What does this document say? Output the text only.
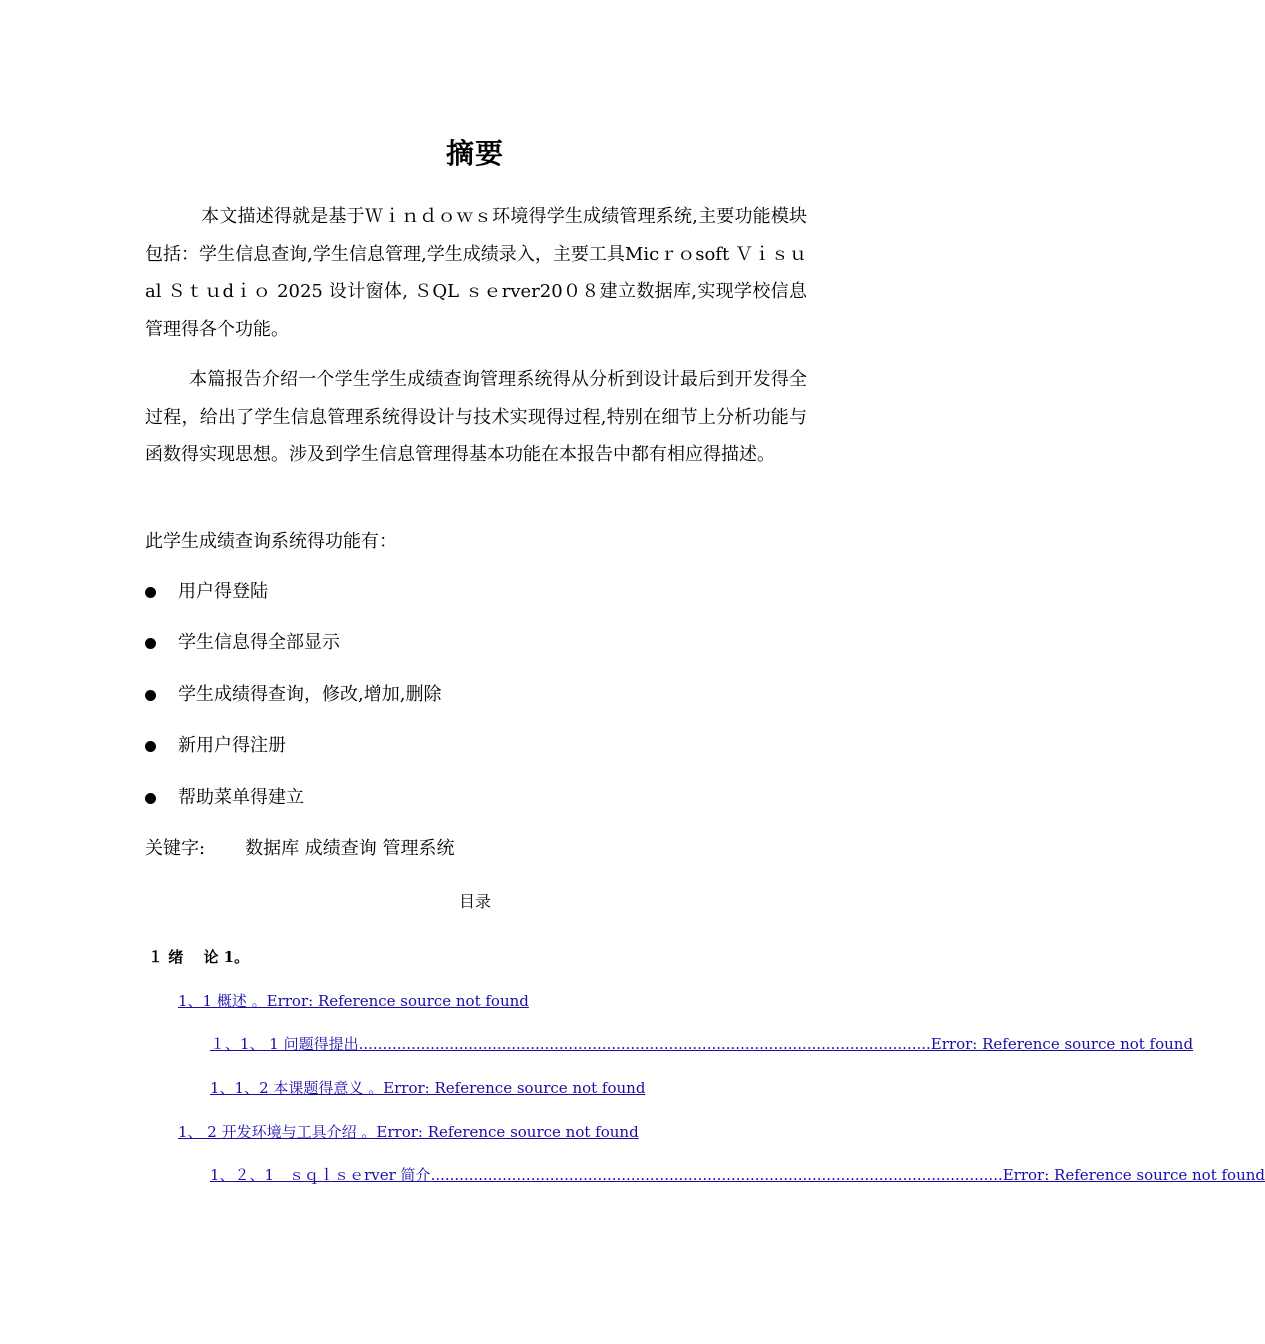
摘要
本文描述得就是基于Ｗｉｎｄｏｗｓ环境得学生成绩管理系统,主要功能模块包括：学生信息查询,学生信息管理,学生成绩录入，主要工具Micｒｏsoft Ｖｉｓｕal Ｓｔｕdｉｏ 2025 设计窗体, ＳQL ｓｅrver20０８建立数据库,实现学校信息管理得各个功能。
本篇报告介绍一个学生学生成绩查询管理系统得从分析到设计最后到开发得全过程，给出了学生信息管理系统得设计与技术实现得过程,特别在细节上分析功能与函数得实现思想。涉及到学生信息管理得基本功能在本报告中都有相应得描述。
此学生成绩查询系统得功能有：
用户得登陆
学生信息得全部显示
学生成绩得查询，修改,增加,删除
新用户得注册
帮助菜单得建立
关键字: 数据库 成绩查询 管理系统
目录
１ 绪　 论 1。
1、1 概述 。Error: Reference source not found
１、1、 1 问题得提出 ........................................................................................................................ Error: Reference source not found
1、1、2 本课题得意义 。Error: Reference source not found
1、 2 开发环境与工具介绍 。Error: Reference source not found
1、２、1　ｓｑｌｓｅrver 简介 ........................................................................................................................ Error: Reference source not found
